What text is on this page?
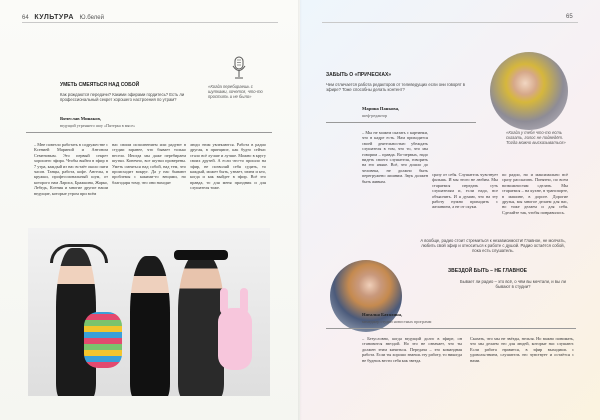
64 КУЛЬТУРА Ю.белей
УМЕТЬ СМЕЯТЬСЯ НАД СОБОЙ
Как рождаются передачи? Какими эфирами гордитесь? Есть ли профессиональный секрет хорошего настроения по утрам?
«Когда перебираешь с шутками, хочется, что-то простить и не было»
Вячеслав Минаков,
ведущий утреннего шоу «Пятерка в мясе»
– Мне повезло работать в содружестве с Ксенией Мариной и Антоном Семеновым. Это первый секрет хорошего эфира. Чтобы выйти в эфир в 7 утра, каждый из нас встаёт около пяти часов. Танцы, работа, кофе. Ангелы, в кружки, профессиональный шум, от которого нам Лариса, Бражкина, Жарко, Лебедь, Ксения и многие другие наши ведущие, которые утром при всём
нас своим исполнением или радуют в студии заранее, что бывает только весело. Иногда мы даже перебираем шутки. Конечно, все шутки проверены. Уметь смеяться над собой, над тем, что происходит вокруг. Да у нас бывают проблемы с какими-то вещами, но благодаря тому, что они находят
люди этим увлекаются. Работа в радио другая, в принципе, как будто сейчас стало всё лучше и лучше. Можно в кругу своих друзей. А если что-то прошло на эфир, не позволяй себя судить, то каждый, может быть, узнает, зачем и кто, когда и как выйдет в эфир. Всё это правда, то для меня праздник и для слушателя тоже.
65
ЗАБЫТЬ О «ПРИЧЕСКАХ»
Чем отличается работа редакторов от телеведущих если они говорят в эфире? Тоже способны делать контент?
Марина Панкова,
шеф-редактор
«Когда у тебя что-то есть сказать, голос не подведёт. Тогда можно высказываться»
– Мы не можем сказать с картинки, что в кадре есть. Нам приходится своей деятельностью убеждать слушателя в том, что то, что мы говорим – правда. Во-первых, надо видеть своего слушателя, говорить на его языке. Всё, что дошло до человека, не должно быть перегружено лишним. Звук должен быть живым.
сразу от себя. Слушатель чувствует фальшь. И мы этого не любим. Мы стараемся передать суть слушателям и, если надо, все объяснить. И я думаю, что на эту работу нужно приходить с желанием, а не от скуки.
по радио, но и максимально всё сразу рассказать. Понятно, по всем возможностям сделать. Мы стараемся – на кухне, в транспорте, в машине, в дороге. Дорогие друзья, мы многое делаем для вас, но тоже делаем и для себя. Сделайте так, чтобы понравилось.
А вообще, радио стоит стремиться к независимости! Главное, не молчать, любить свой эфир и относиться к работе с душой. Радио остаётся собой, пока есть слушатель.
ЗВЕЗДОЙ БЫТЬ – НЕ ГЛАВНОЕ
Бывает ли радио – это всё, о чём вы мечтали, и вы ли бывают в студии?
Наталья Баталина,
менеджер студии новостных программ
– Безусловно, когда ведущий долго в эфире, он становится звездой. Но это не означает, что ты должен этим кичиться. Передача – это командная работа. Если ты хорошо знаешь эту работу, то никогда не будешь вести себя как звезда.
Сказать, что мы не звёзды, нельзя. Но важно понимать, что мы делаем это для людей, которые нас слушают. Если работа нравится, в эфир выходишь с удовольствием, слушатель это чувствует и остаётся с нами.
